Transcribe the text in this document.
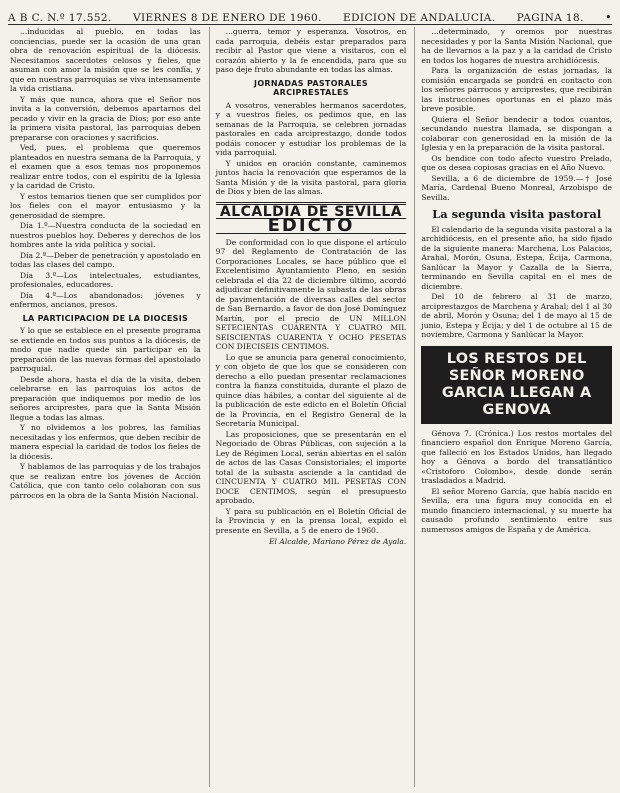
A B C. N.º 17.552. VIERNES 8 DE ENERO DE 1960. EDICION DE ANDALUCIA. PAGINA 18. •

...inducidas al pueblo, en todas las conciencias, puede ser la ocasión de una gran obra de renovación espiritual de la diócesis. Necesitamos sacerdotes celosos y fieles, que asuman con amor la misión que se les confía, y que en nuestras parroquias se viva intensamente la vida cristiana.

Y más que nunca, ahora que el Señor nos invita a la conversión, debemos apartarnos del pecado y vivir en la gracia de Dios; por eso ante la primera visita pastoral, las parroquias deben prepararse con oraciones y sacrificios.

Ved, pues, el problema que queremos planteados en nuestra semana de la Parroquia, y el examen que a esos temas nos proponemos realizar entre todos, con el espíritu de la Iglesia y la caridad de Cristo.

Y estos temarios tienen que ser cumplidos por los fieles con el mayor entusiasmo y la generosidad de siempre.

Día 1.º—Nuestra conducta de la sociedad en nuestros pueblos hoy. Deberes y derechos de los hombres ante la vida política y social.

Día 2.º—Deber de penetración y apostolado en todas las clases del campo.

Día 3.º—Los intelectuales, estudiantes, profesionales, educadores.

Día 4.º—Los abandonados: jóvenes y enfermos, ancianos, presos.

LA PARTICIPACION DE LA DIOCESIS

Y lo que se establece en el presente programa se extiende en todos sus puntos a la diócesis, de modo que nadie quede sin participar en la preparación de las nuevas formas del apostolado parroquial.

Desde ahora, hasta el día de la visita, deben celebrarse en las parroquias los actos de preparación que indiquemos por medio de los señores arciprestes, para que la Santa Misión llegue a todas las almas.

Y no olvidemos a los pobres, las familias necesitadas y los enfermos, que deben recibir de manera especial la caridad de todos los fieles de la diócesis.

Y hablamos de las parroquias y de los trabajos que se realizan entre los jóvenes de Acción Católica, que con tanto celo colaboran con sus párrocos en la obra de la Santa Misión Nacional.

...guerra, temor y esperanza. Vosotros, en cada parroquia, debéis estar preparados para recibir al Pastor que viene a visitaros, con el corazón abierto y la fe encendida, para que su paso deje fruto abundante en todas las almas.

JORNADAS PASTORALES ARCIPRESTALES

A vosotros, venerables hermanos sacerdotes, y a vuestros fieles, os pedimos que, en las semanas de la Parroquia, se celebren jornadas pastorales en cada arciprestazgo, donde todos podáis conocer y estudiar los problemas de la vida parroquial.

Y unidos en oración constante, caminemos juntos hacia la renovación que esperamos de la Santa Misión y de la visita pastoral, para gloria de Dios y bien de las almas.

ALCALDIA DE SEVILLA
EDICTO

De conformidad con lo que dispone el artículo 97 del Reglamento de Contratación de las Corporaciones Locales, se hace público que el Excelentísimo Ayuntamiento Pleno, en sesión celebrada el día 22 de diciembre último, acordó adjudicar definitivamente la subasta de las obras de pavimentación de diversas calles del sector de San Bernardo, a favor de don José Domínguez Martín, por el precio de UN MILLON SETECIENTAS CUARENTA Y CUATRO MIL SEISCIENTAS CUARENTA Y OCHO PESETAS CON DIECISEIS CENTIMOS.

Lo que se anuncia para general conocimiento, y con objeto de que los que se consideren con derecho a ello puedan presentar reclamaciones contra la fianza constituida, durante el plazo de quince días hábiles, a contar del siguiente al de la publicación de este edicto en el Boletín Oficial de la Provincia, en el Registro General de la Secretaría Municipal.

Las proposiciones, que se presentarán en el Negociado de Obras Públicas, con sujeción a la Ley de Régimen Local, serán abiertas en el salón de actos de las Casas Consistoriales; el importe total de la subasta asciende a la cantidad de CINCUENTA Y CUATRO MIL PESETAS CON DOCE CENTIMOS, según el presupuesto aprobado.

Y para su publicación en el Boletín Oficial de la Provincia y en la prensa local, expido el presente en Sevilla, a 5 de enero de 1960.

El Alcalde, Mariano Pérez de Ayala.

...determinado, y oremos por nuestras necesidades y por la Santa Misión Nacional, que ha de llevarnos a la paz y a la caridad de Cristo en todos los hogares de nuestra archidiócesis.

Para la organización de estas jornadas, la comisión encargada se pondrá en contacto con los señores párrocos y arciprestes, que recibirán las instrucciones oportunas en el plazo más breve posible.

Quiera el Señor bendecir a todos cuantos, secundando nuestra llamada, se dispongan a colaborar con generosidad en la misión de la Iglesia y en la preparación de la visita pastoral.

Os bendice con todo afecto vuestro Prelado, que os desea copiosas gracias en el Año Nuevo.

Sevilla, a 6 de diciembre de 1959.—† José María, Cardenal Bueno Monreal, Arzobispo de Sevilla.

La segunda visita pastoral

El calendario de la segunda visita pastoral a la archidiócesis, en el presente año, ha sido fijado de la siguiente manera: Marchena, Los Palacios, Arahal, Morón, Osuna, Estepa, Écija, Carmona, Sanlúcar la Mayor y Cazalla de la Sierra, terminando en Sevilla capital en el mes de diciembre.

Del 10 de febrero al 31 de marzo, arciprestazgos de Marchena y Arahal; del 1 al 30 de abril, Morón y Osuna; del 1 de mayo al 15 de junio, Estepa y Écija; y del 1 de octubre al 15 de noviembre, Carmona y Sanlúcar la Mayor.

LOS RESTOS DEL SEÑOR MORENO GARCIA LLEGAN A GENOVA

Génova 7. (Crónica.) Los restos mortales del financiero español don Enrique Moreno García, que falleció en los Estados Unidos, han llegado hoy a Génova a bordo del transatlántico «Cristoforo Colombo», desde donde serán trasladados a Madrid.

El señor Moreno García, que había nacido en Sevilla, era una figura muy conocida en el mundo financiero internacional, y su muerte ha causado profundo sentimiento entre sus numerosos amigos de España y de América.
